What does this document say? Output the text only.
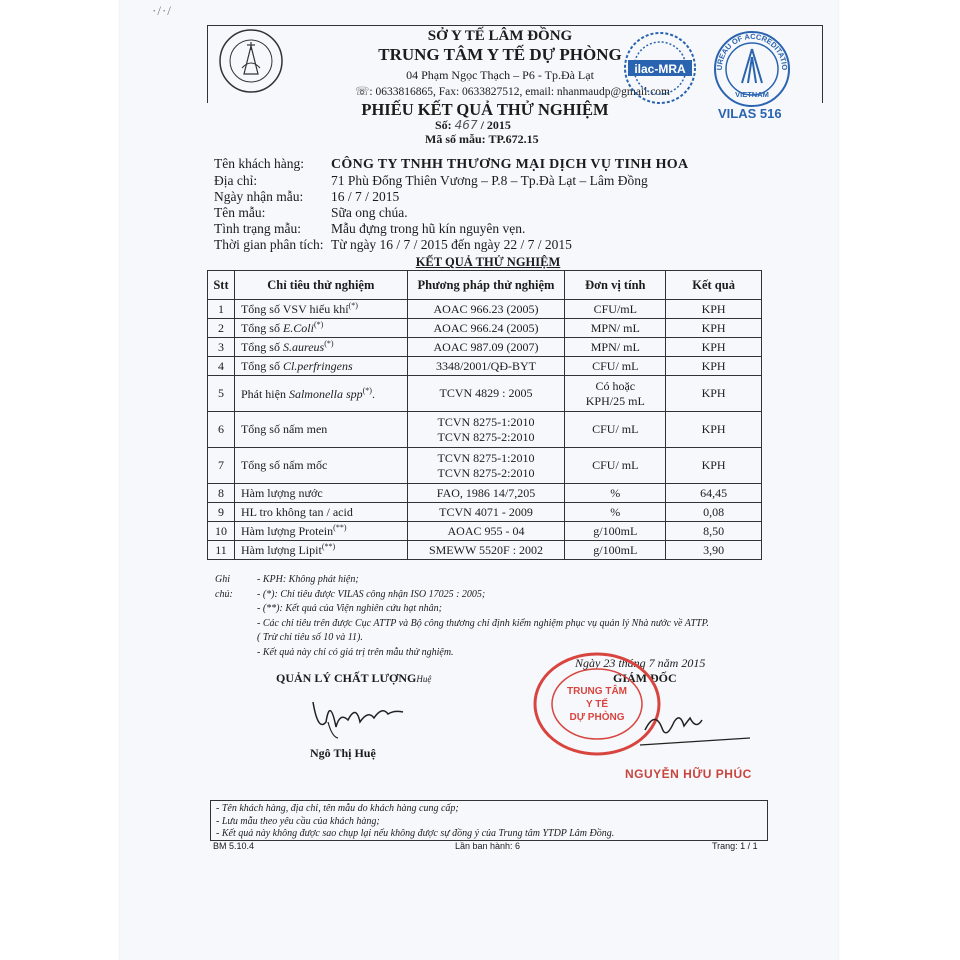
·/·/
SỞ Y TẾ LÂM ĐỒNG
TRUNG TÂM Y TẾ DỰ PHÒNG
04 Phạm Ngọc Thạch – P6 - Tp.Đà Lạt
☏: 0633816865, Fax: 0633827512, email: nhanmaudp@gmail.com
ilac-MRA	UREAU OF ACCREDITATIO
VIETNAM
VILAS 516
PHIẾU KẾT QUẢ THỬ NGHIỆM
Số: 467 / 2015
Mã số mẫu: TP.672.15
Tên khách hàng: CÔNG TY TNHH THƯƠNG MẠI DỊCH VỤ TINH HOA
Địa chỉ:	71 Phù Đổng Thiên Vương – P.8 – Tp.Đà Lạt – Lâm Đồng
Ngày nhận mẫu: 16 / 7 / 2015
Tên mẫu:	Sữa ong chúa.
Tình trạng mẫu: Mẫu đựng trong hũ kín nguyên vẹn.
Thời gian phân tích: Từ ngày 16 / 7 / 2015 đến ngày 22 / 7 / 2015
KẾT QUẢ THỬ NGHIỆM
Stt	Chỉ tiêu thử nghiệm	Phương pháp thử nghiệm	Đơn vị tính	Kết quả
1	Tổng số VSV hiếu khí(*)	AOAC 966.23 (2005)	CFU/mL	KPH
2	Tổng số E.Coli(*)	AOAC 966.24 (2005)	MPN/ mL	KPH
3	Tổng số S.aureus(*)	AOAC 987.09 (2007)	MPN/ mL	KPH
4	Tổng số Cl.perfringens	3348/2001/QĐ-BYT	CFU/ mL	KPH
5	Phát hiện Salmonella spp(*).	TCVN 4829 : 2005	Có hoặc
KPH/25 mL	KPH
6	Tổng số nấm men	TCVN 8275-1:2010
TCVN 8275-2:2010	CFU/ mL	KPH
7	Tổng số nấm mốc	TCVN 8275-1:2010
TCVN 8275-2:2010	CFU/ mL	KPH
8	Hàm lượng nước	FAO, 1986 14/7,205	%	64,45
9	HL tro không tan / acid	TCVN 4071 - 2009	%	0,08
10	Hàm lượng Protein(**)	AOAC 955 - 04	g/100mL	8,50
11	Hàm lượng Lipit(**)	SMEWW 5520F : 2002	g/100mL	3,90
Ghi chú:
- KPH: Không phát hiện;
- (*): Chỉ tiêu được VILAS công nhận ISO 17025 : 2005;
- (**): Kết quả của Viện nghiên cứu hạt nhân;
- Các chỉ tiêu trên được Cục ATTP và Bộ công thương chỉ định kiểm nghiệm phục vụ quản lý Nhà nước về ATTP.
( Trừ chỉ tiêu số 10 và 11).
- Kết quả này chỉ có giá trị trên mẫu thử nghiệm.
Ngày 23 tháng 7 năm 2015
QUẢN LÝ CHẤT LƯỢNGHuệ	GIÁM ĐỐC
Ngô Thị Huệ
TRUNG TÂM
Y TẾ
DỰ PHÒNG
NGUYỄN HỮU PHÚC
- Tên khách hàng, địa chỉ, tên mẫu do khách hàng cung cấp;
- Lưu mẫu theo yêu cầu của khách hàng;
- Kết quả này không được sao chụp lại nếu không được sự đồng ý của Trung tâm YTDP Lâm Đồng.
BM 5.10.4	Lần ban hành: 6	Trang: 1 / 1
